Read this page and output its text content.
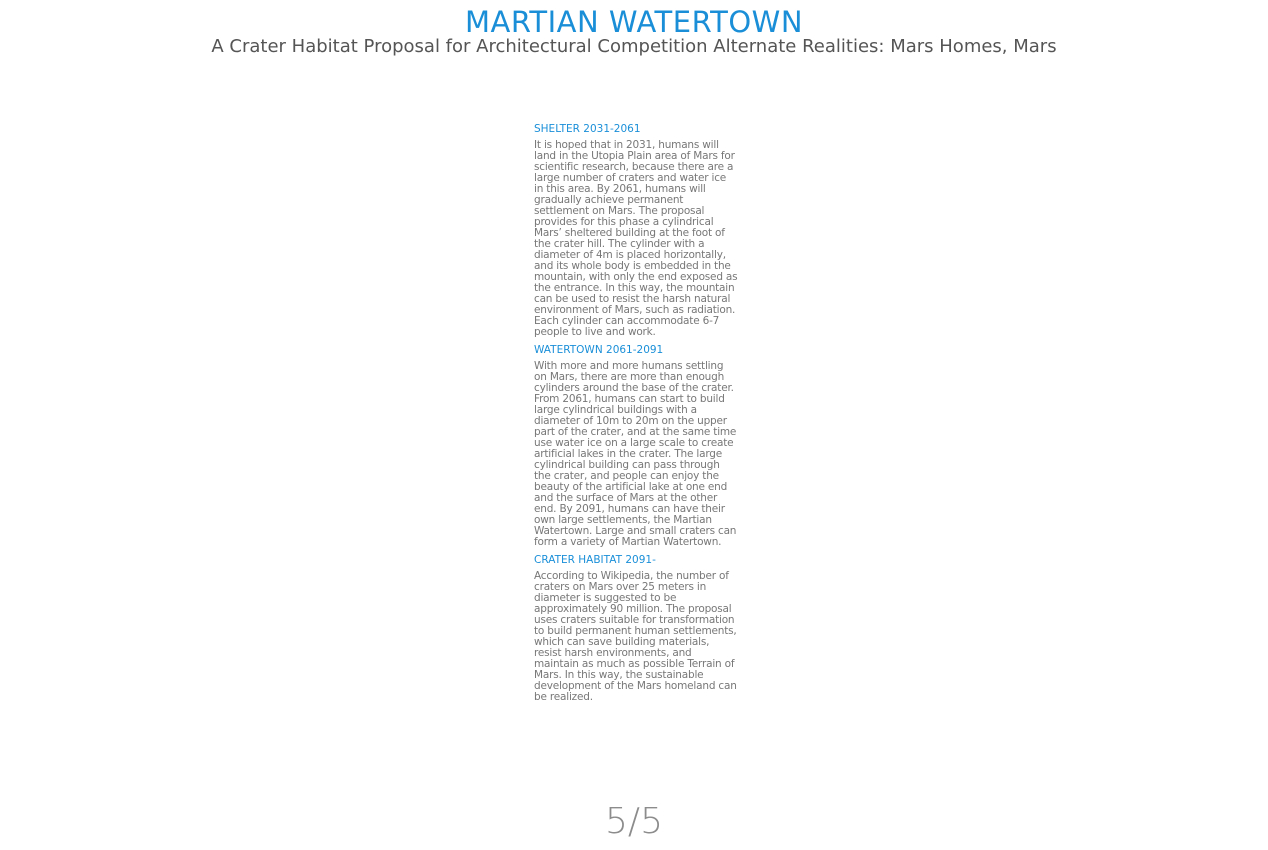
MARTIAN WATERTOWN
A Crater Habitat Proposal for Architectural Competition Alternate Realities: Mars Homes, Mars
SHELTER 2031-2061
It is hoped that in 2031, humans will land in the Utopia Plain area of Mars for scientific research, because there are a large number of craters and water ice in this area. By 2061, humans will gradually achieve permanent settlement on Mars. The proposal provides for this phase a cylindrical Mars’ sheltered building at the foot of the crater hill. The cylinder with a diameter of 4m is placed horizontally, and its whole body is embedded in the mountain, with only the end exposed as the entrance. In this way, the mountain can be used to resist the harsh natural environment of Mars, such as radiation. Each cylinder can accommodate 6-7 people to live and work.
WATERTOWN 2061-2091
With more and more humans settling on Mars, there are more than enough cylinders around the base of the crater. From 2061, humans can start to build large cylindrical buildings with a diameter of 10m to 20m on the upper part of the crater, and at the same time use water ice on a large scale to create artificial lakes in the crater. The large cylindrical building can pass through the crater, and people can enjoy the beauty of the artificial lake at one end and the surface of Mars at the other end. By 2091, humans can have their own large settlements, the Martian Watertown. Large and small craters can form a variety of Martian Watertown.
CRATER HABITAT 2091-
According to Wikipedia, the number of craters on Mars over 25 meters in diameter is suggested to be approximately 90 million. The proposal uses craters suitable for transformation to build permanent human settlements, which can save building materials, resist harsh environments, and maintain as much as possible Terrain of Mars. In this way, the sustainable development of the Mars homeland can be realized.
5/5
